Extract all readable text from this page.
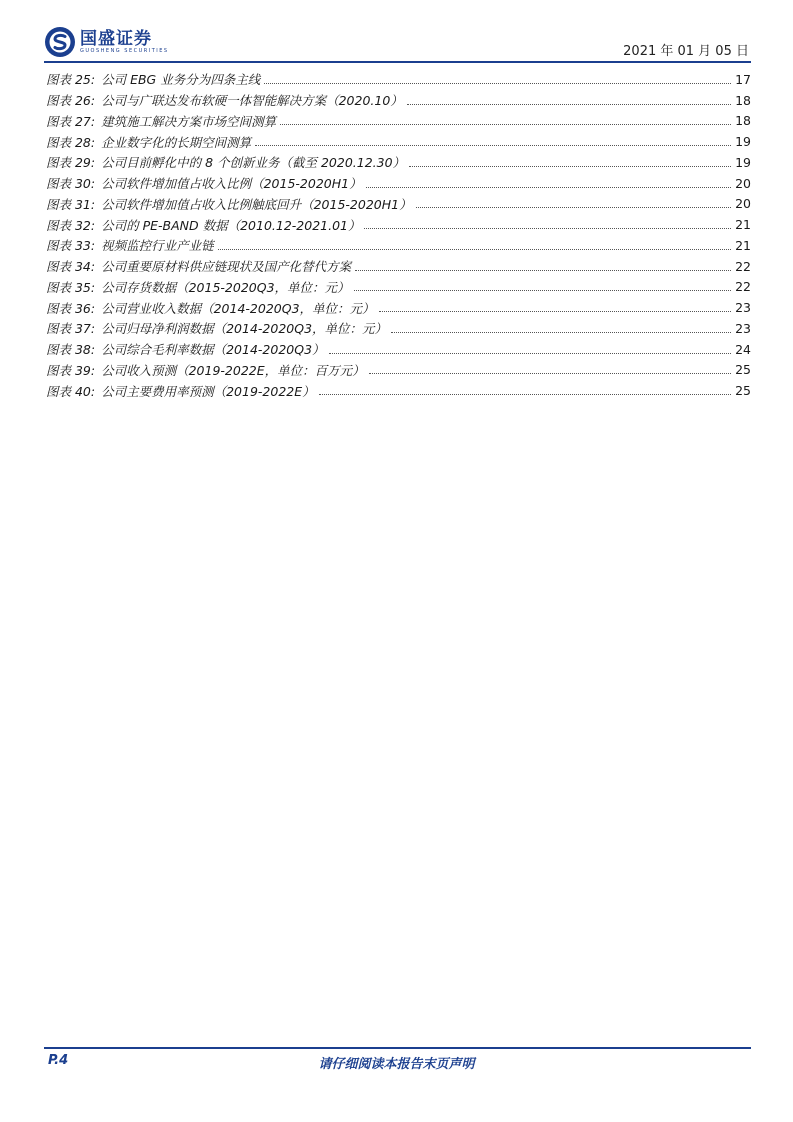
国盛证券
GUOSHENG SECURITIES	2021 年 01 月 05 日
图表 25: 公司 EBG 业务分为四条主线	17
图表 26: 公司与广联达发布软硬一体智能解决方案（2020.10）	18
图表 27: 建筑施工解决方案市场空间测算	18
图表 28: 企业数字化的长期空间测算	19
图表 29: 公司目前孵化中的 8 个创新业务（截至 2020.12.30）	19
图表 30: 公司软件增加值占收入比例（2015-2020H1）	20
图表 31: 公司软件增加值占收入比例触底回升（2015-2020H1）	20
图表 32: 公司的 PE-BAND 数据（2010.12-2021.01）	21
图表 33: 视频监控行业产业链	21
图表 34: 公司重要原材料供应链现状及国产化替代方案	22
图表 35: 公司存货数据（2015-2020Q3，单位：元）	22
图表 36: 公司营业收入数据（2014-2020Q3，单位：元）	23
图表 37: 公司归母净利润数据（2014-2020Q3，单位：元）	23
图表 38: 公司综合毛利率数据（2014-2020Q3）	24
图表 39: 公司收入预测（2019-2022E，单位：百万元）	25
图表 40: 公司主要费用率预测（2019-2022E）	25
P.4	请仔细阅读本报告末页声明
